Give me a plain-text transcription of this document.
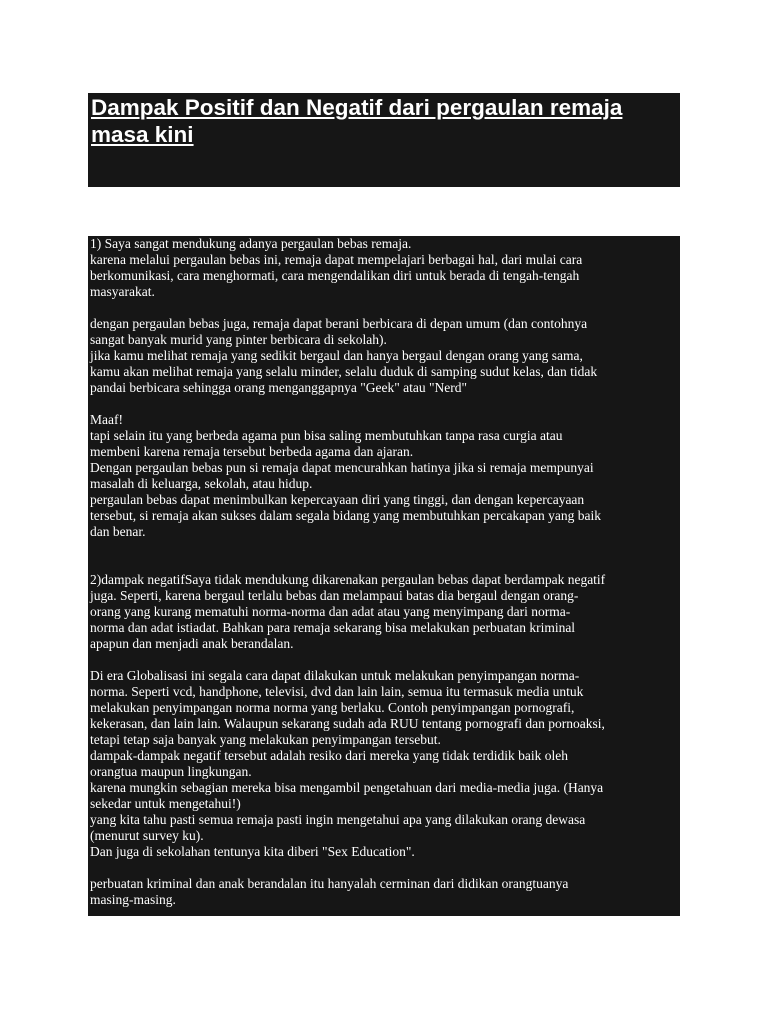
Dampak Positif dan Negatif dari pergaulan remaja
masa kini

1) Saya sangat mendukung adanya pergaulan bebas remaja.
karena melalui pergaulan bebas ini, remaja dapat mempelajari berbagai hal, dari mulai cara
berkomunikasi, cara menghormati, cara mengendalikan diri untuk berada di tengah-tengah
masyarakat.

dengan pergaulan bebas juga, remaja dapat berani berbicara di depan umum (dan contohnya
sangat banyak murid yang pinter berbicara di sekolah).
jika kamu melihat remaja yang sedikit bergaul dan hanya bergaul dengan orang yang sama,
kamu akan melihat remaja yang selalu minder, selalu duduk di samping sudut kelas, dan tidak
pandai berbicara sehingga orang menganggapnya "Geek" atau "Nerd"

Maaf!
tapi selain itu yang berbeda agama pun bisa saling membutuhkan tanpa rasa curgia atau
membeni karena remaja tersebut berbeda agama dan ajaran.
Dengan pergaulan bebas pun si remaja dapat mencurahkan hatinya jika si remaja mempunyai
masalah di keluarga, sekolah, atau hidup.
pergaulan bebas dapat menimbulkan kepercayaan diri yang tinggi, dan dengan kepercayaan
tersebut, si remaja akan sukses dalam segala bidang yang membutuhkan percakapan yang baik
dan benar.

2)dampak negatifSaya tidak mendukung dikarenakan pergaulan bebas dapat berdampak negatif
juga. Seperti, karena bergaul terlalu bebas dan melampaui batas dia bergaul dengan orang-
orang yang kurang mematuhi norma-norma dan adat atau yang menyimpang dari norma-
norma dan adat istiadat. Bahkan para remaja sekarang bisa melakukan perbuatan kriminal
apapun dan menjadi anak berandalan.

Di era Globalisasi ini segala cara dapat dilakukan untuk melakukan penyimpangan norma-
norma. Seperti vcd, handphone, televisi, dvd dan lain lain, semua itu termasuk media untuk
melakukan penyimpangan norma norma yang berlaku. Contoh penyimpangan pornografi,
kekerasan, dan lain lain. Walaupun sekarang sudah ada RUU tentang pornografi dan pornoaksi,
tetapi tetap saja banyak yang melakukan penyimpangan tersebut.
dampak-dampak negatif tersebut adalah resiko dari mereka yang tidak terdidik baik oleh
orangtua maupun lingkungan.
karena mungkin sebagian mereka bisa mengambil pengetahuan dari media-media juga. (Hanya
sekedar untuk mengetahui!)
yang kita tahu pasti semua remaja pasti ingin mengetahui apa yang dilakukan orang dewasa
(menurut survey ku).
Dan juga di sekolahan tentunya kita diberi "Sex Education".

perbuatan kriminal dan anak berandalan itu hanyalah cerminan dari didikan orangtuanya
masing-masing.
